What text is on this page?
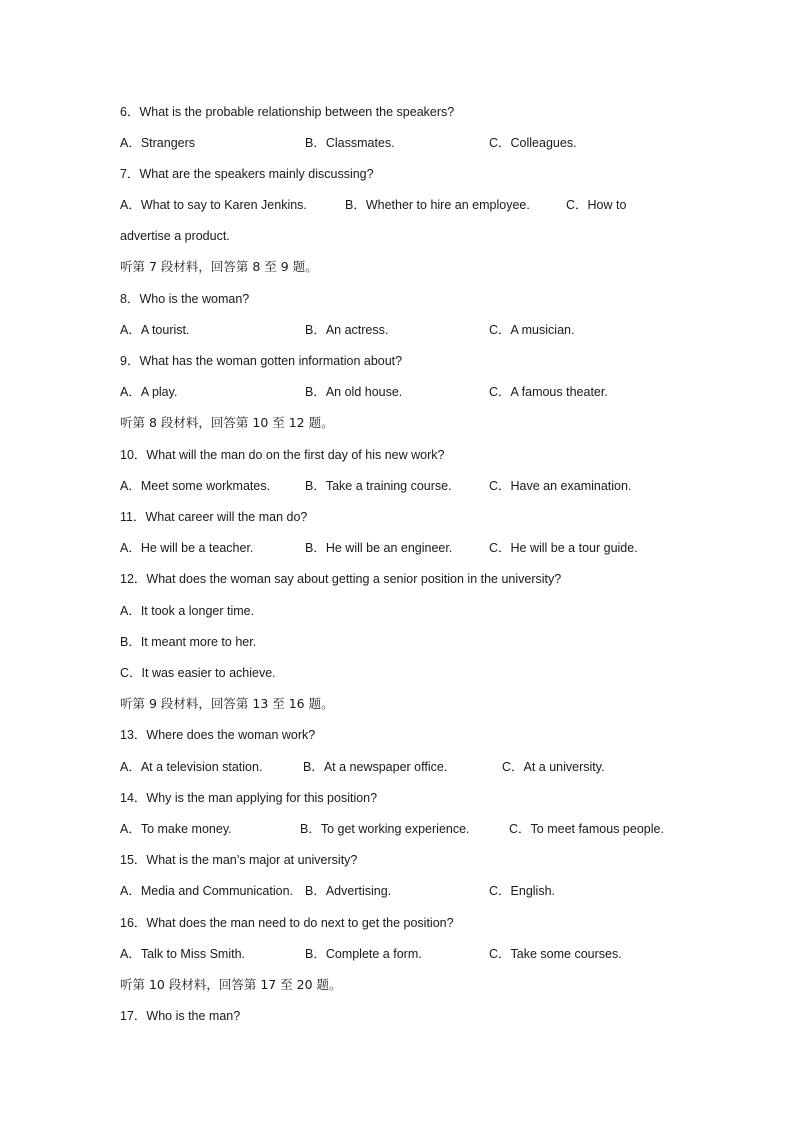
6．What is the probable relationship between the speakers?
A．Strangers	B．Classmates.	C．Colleagues.
7．What are the speakers mainly discussing?
A．What to say to Karen Jenkins.	B．Whether to hire an employee.	C．How to
advertise a product.
听第 7 段材料，回答第 8 至 9 题。
8．Who is the woman?
A．A tourist.	B．An actress.	C．A musician.
9．What has the woman gotten information about?
A．A play.	B．An old house.	C．A famous theater.
听第 8 段材料，回答第 10 至 12 题。
10．What will the man do on the first day of his new work?
A．Meet some workmates.	B．Take a training course.	C．Have an examination.
11．What career will the man do?
A．He will be a teacher.	B．He will be an engineer.	C．He will be a tour guide.
12．What does the woman say about getting a senior position in the university?
A．It took a longer time.
B．It meant more to her.
C．It was easier to achieve.
听第 9 段材料，回答第 13 至 16 题。
13．Where does the woman work?
A．At a television station.	B．At a newspaper office.	C．At a university.
14．Why is the man applying for this position?
A．To make money.	B．To get working experience.	C．To meet famous people.
15．What is the man’s major at university?
A．Media and Communication. B．Advertising.	C．English.
16．What does the man need to do next to get the position?
A．Talk to Miss Smith.	B．Complete a form.	C．Take some courses.
听第 10 段材料，回答第 17 至 20 题。
17．Who is the man?
